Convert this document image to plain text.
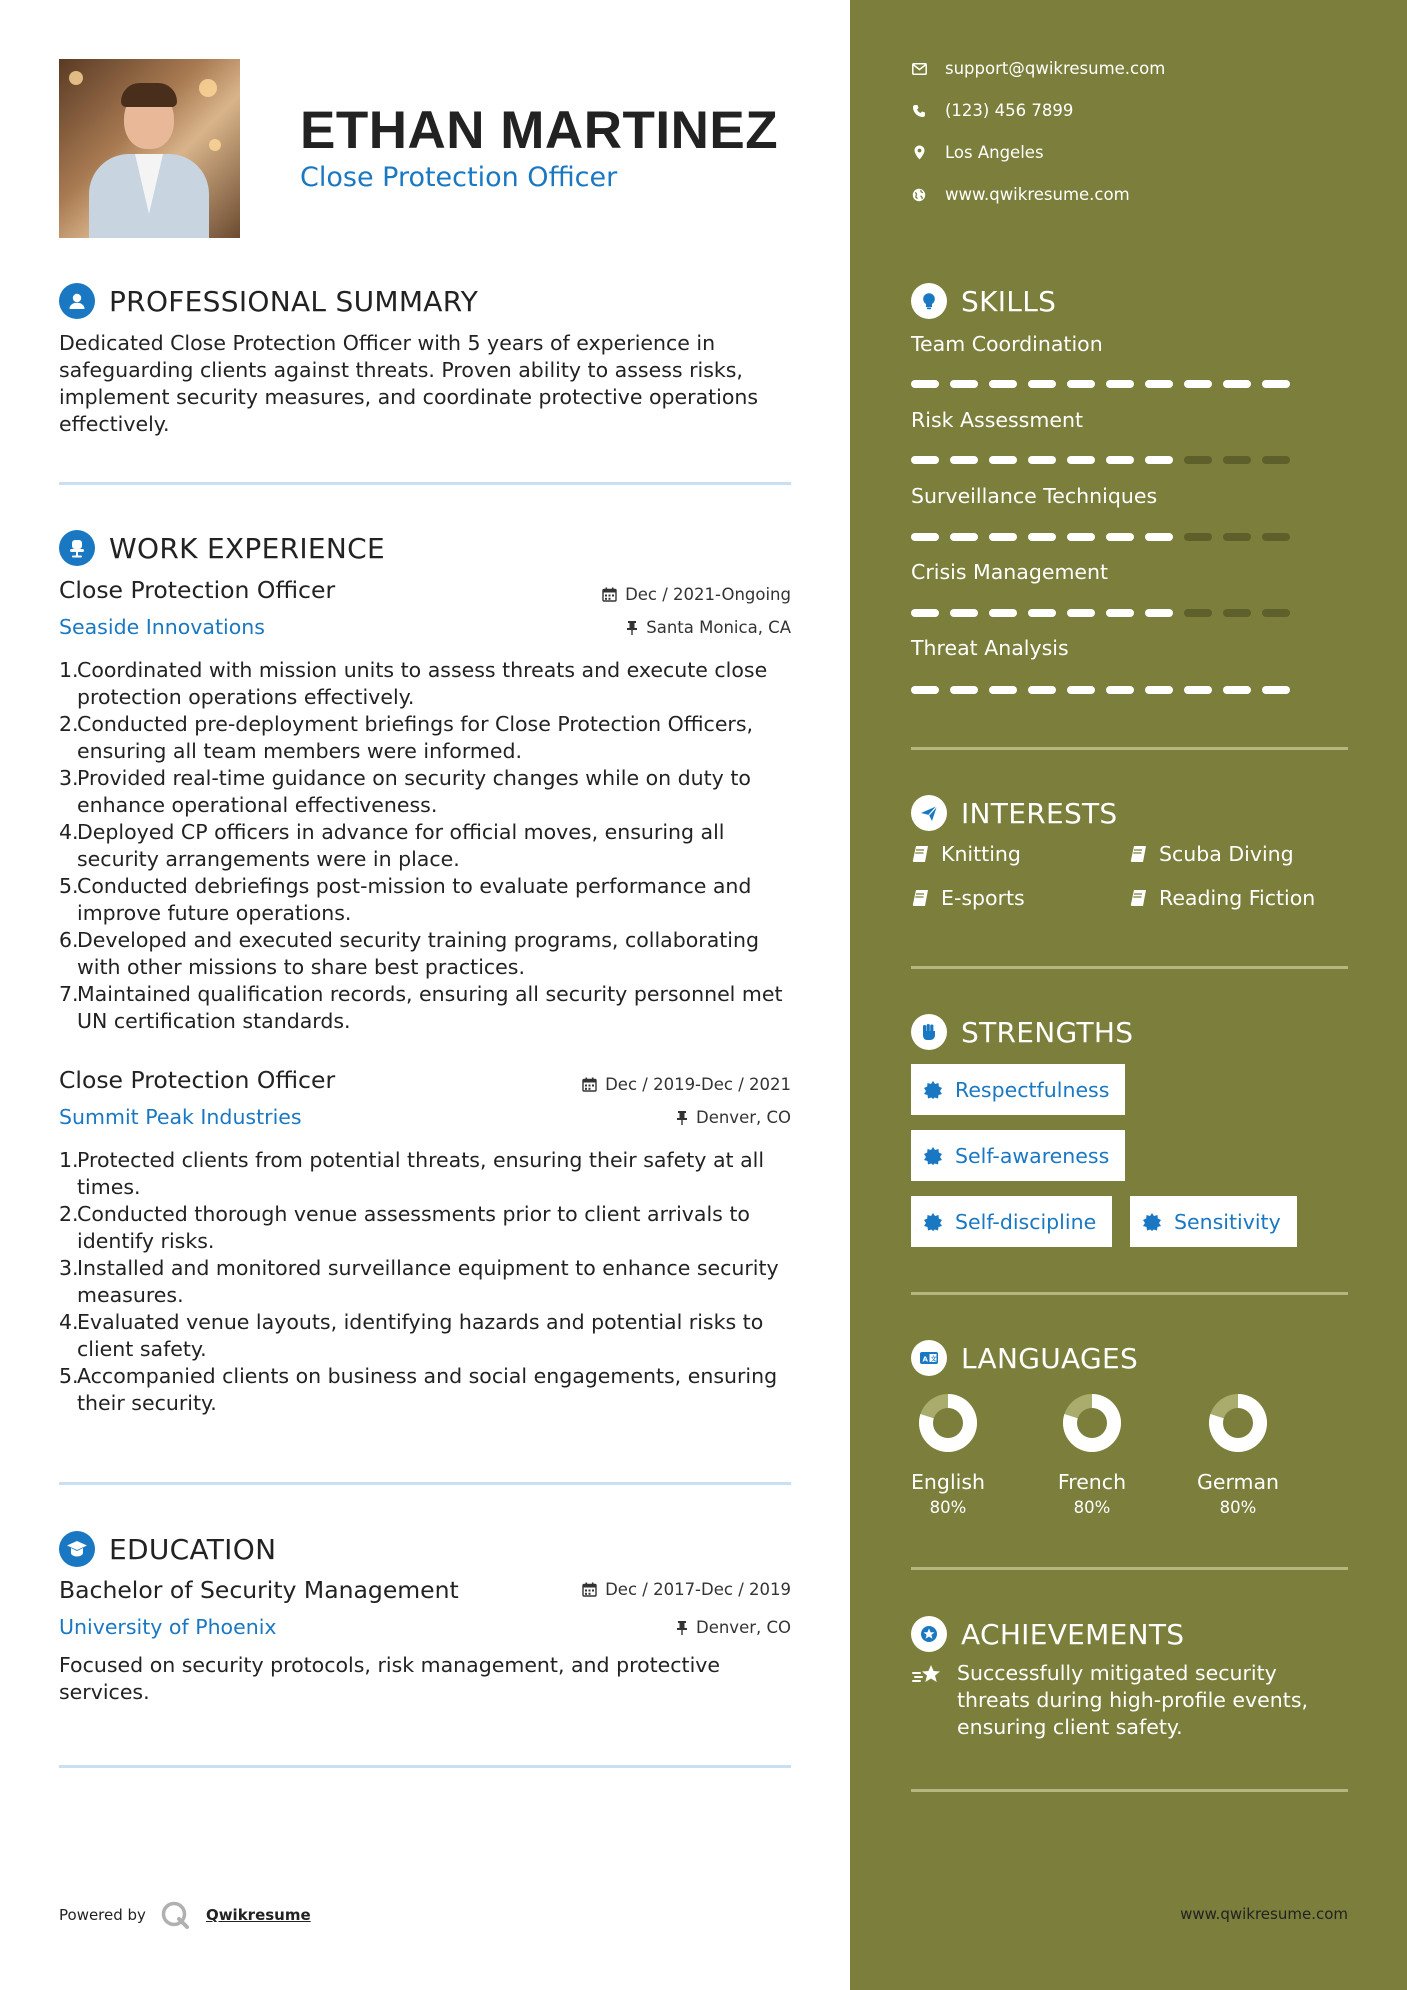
ETHAN MARTINEZ
Close Protection Officer
PROFESSIONAL SUMMARY
Dedicated Close Protection Officer with 5 years of experience in safeguarding clients against threats. Proven ability to assess risks, implement security measures, and coordinate protective operations effectively.
WORK EXPERIENCE
Close Protection Officer	Dec / 2021-Ongoing
Seaside Innovations	Santa Monica, CA
1.
Coordinated with mission units to assess threats and execute close protection operations effectively.
2.
Conducted pre-deployment briefings for Close Protection Officers, ensuring all team members were informed.
3.
Provided real-time guidance on security changes while on duty to enhance operational effectiveness.
4.
Deployed CP officers in advance for official moves, ensuring all security arrangements were in place.
5.
Conducted debriefings post-mission to evaluate performance and improve future operations.
6.
Developed and executed security training programs, collaborating with other missions to share best practices.
7.
Maintained qualification records, ensuring all security personnel met UN certification standards.
Close Protection Officer	Dec / 2019-Dec / 2021
Summit Peak Industries	Denver, CO
1.
Protected clients from potential threats, ensuring their safety at all times.
2.
Conducted thorough venue assessments prior to client arrivals to identify risks.
3.
Installed and monitored surveillance equipment to enhance security measures.
4.
Evaluated venue layouts, identifying hazards and potential risks to client safety.
5.
Accompanied clients on business and social engagements, ensuring their security.
EDUCATION
Bachelor of Security Management	Dec / 2017-Dec / 2019
University of Phoenix	Denver, CO
Focused on security protocols, risk management, and protective services.
Powered by	Qwikresume
support@qwikresume.com
(123) 456 7899
Los Angeles
www.qwikresume.com
SKILLS
Team Coordination
Risk Assessment
Surveillance Techniques
Crisis Management
Threat Analysis
INTERESTS
Knitting	Scuba Diving
E-sports	Reading Fiction
STRENGTHS
Respectfulness
Self-awareness
Self-discipline	Sensitivity
A 文 LANGUAGES
English
80%
French
80%
German
80%
ACHIEVEMENTS
Successfully mitigated security threats during high-profile events, ensuring client safety.
www.qwikresume.com
